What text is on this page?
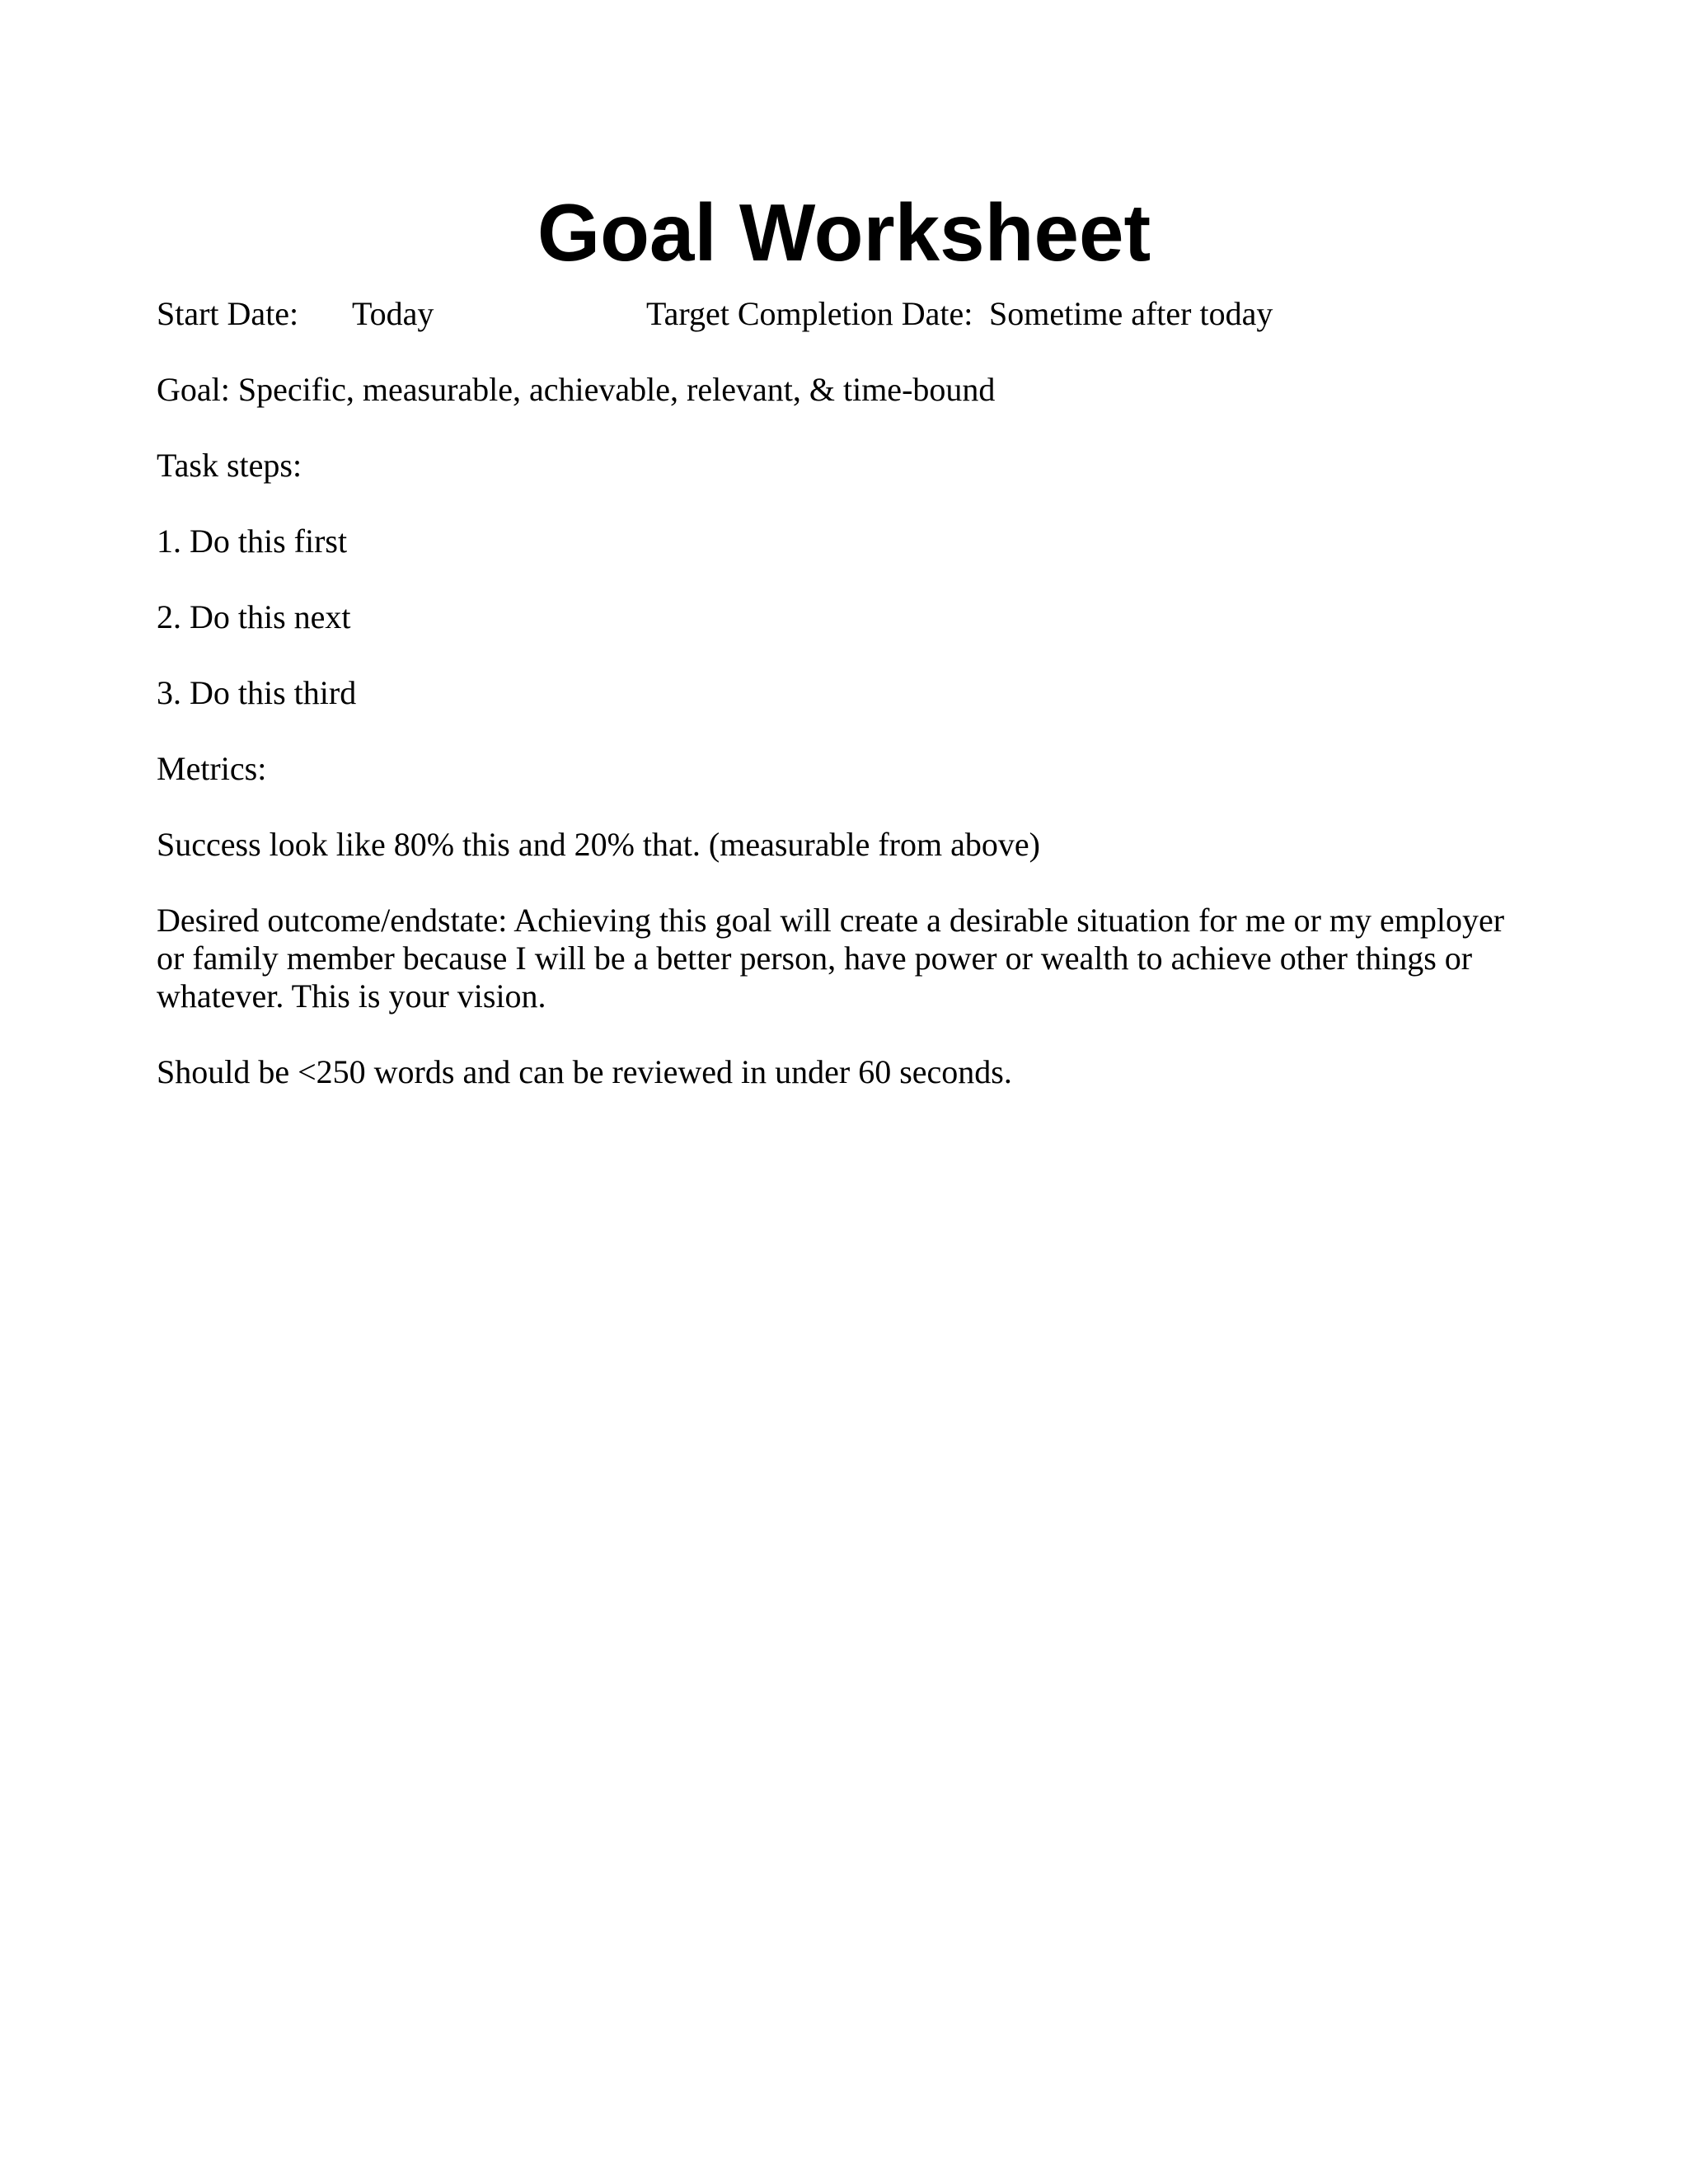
Goal Worksheet
Start Date: Today	Target Completion Date: Sometime after today

Goal: Specific, measurable, achievable, relevant, & time-bound

Task steps:

1. Do this first

2. Do this next

3. Do this third

Metrics:

Success look like 80% this and 20% that. (measurable from above)

Desired outcome/endstate: Achieving this goal will create a desirable situation for me or my employer or family member because I will be a better person, have power or wealth to achieve other things or whatever. This is your vision.

Should be <250 words and can be reviewed in under 60 seconds.
